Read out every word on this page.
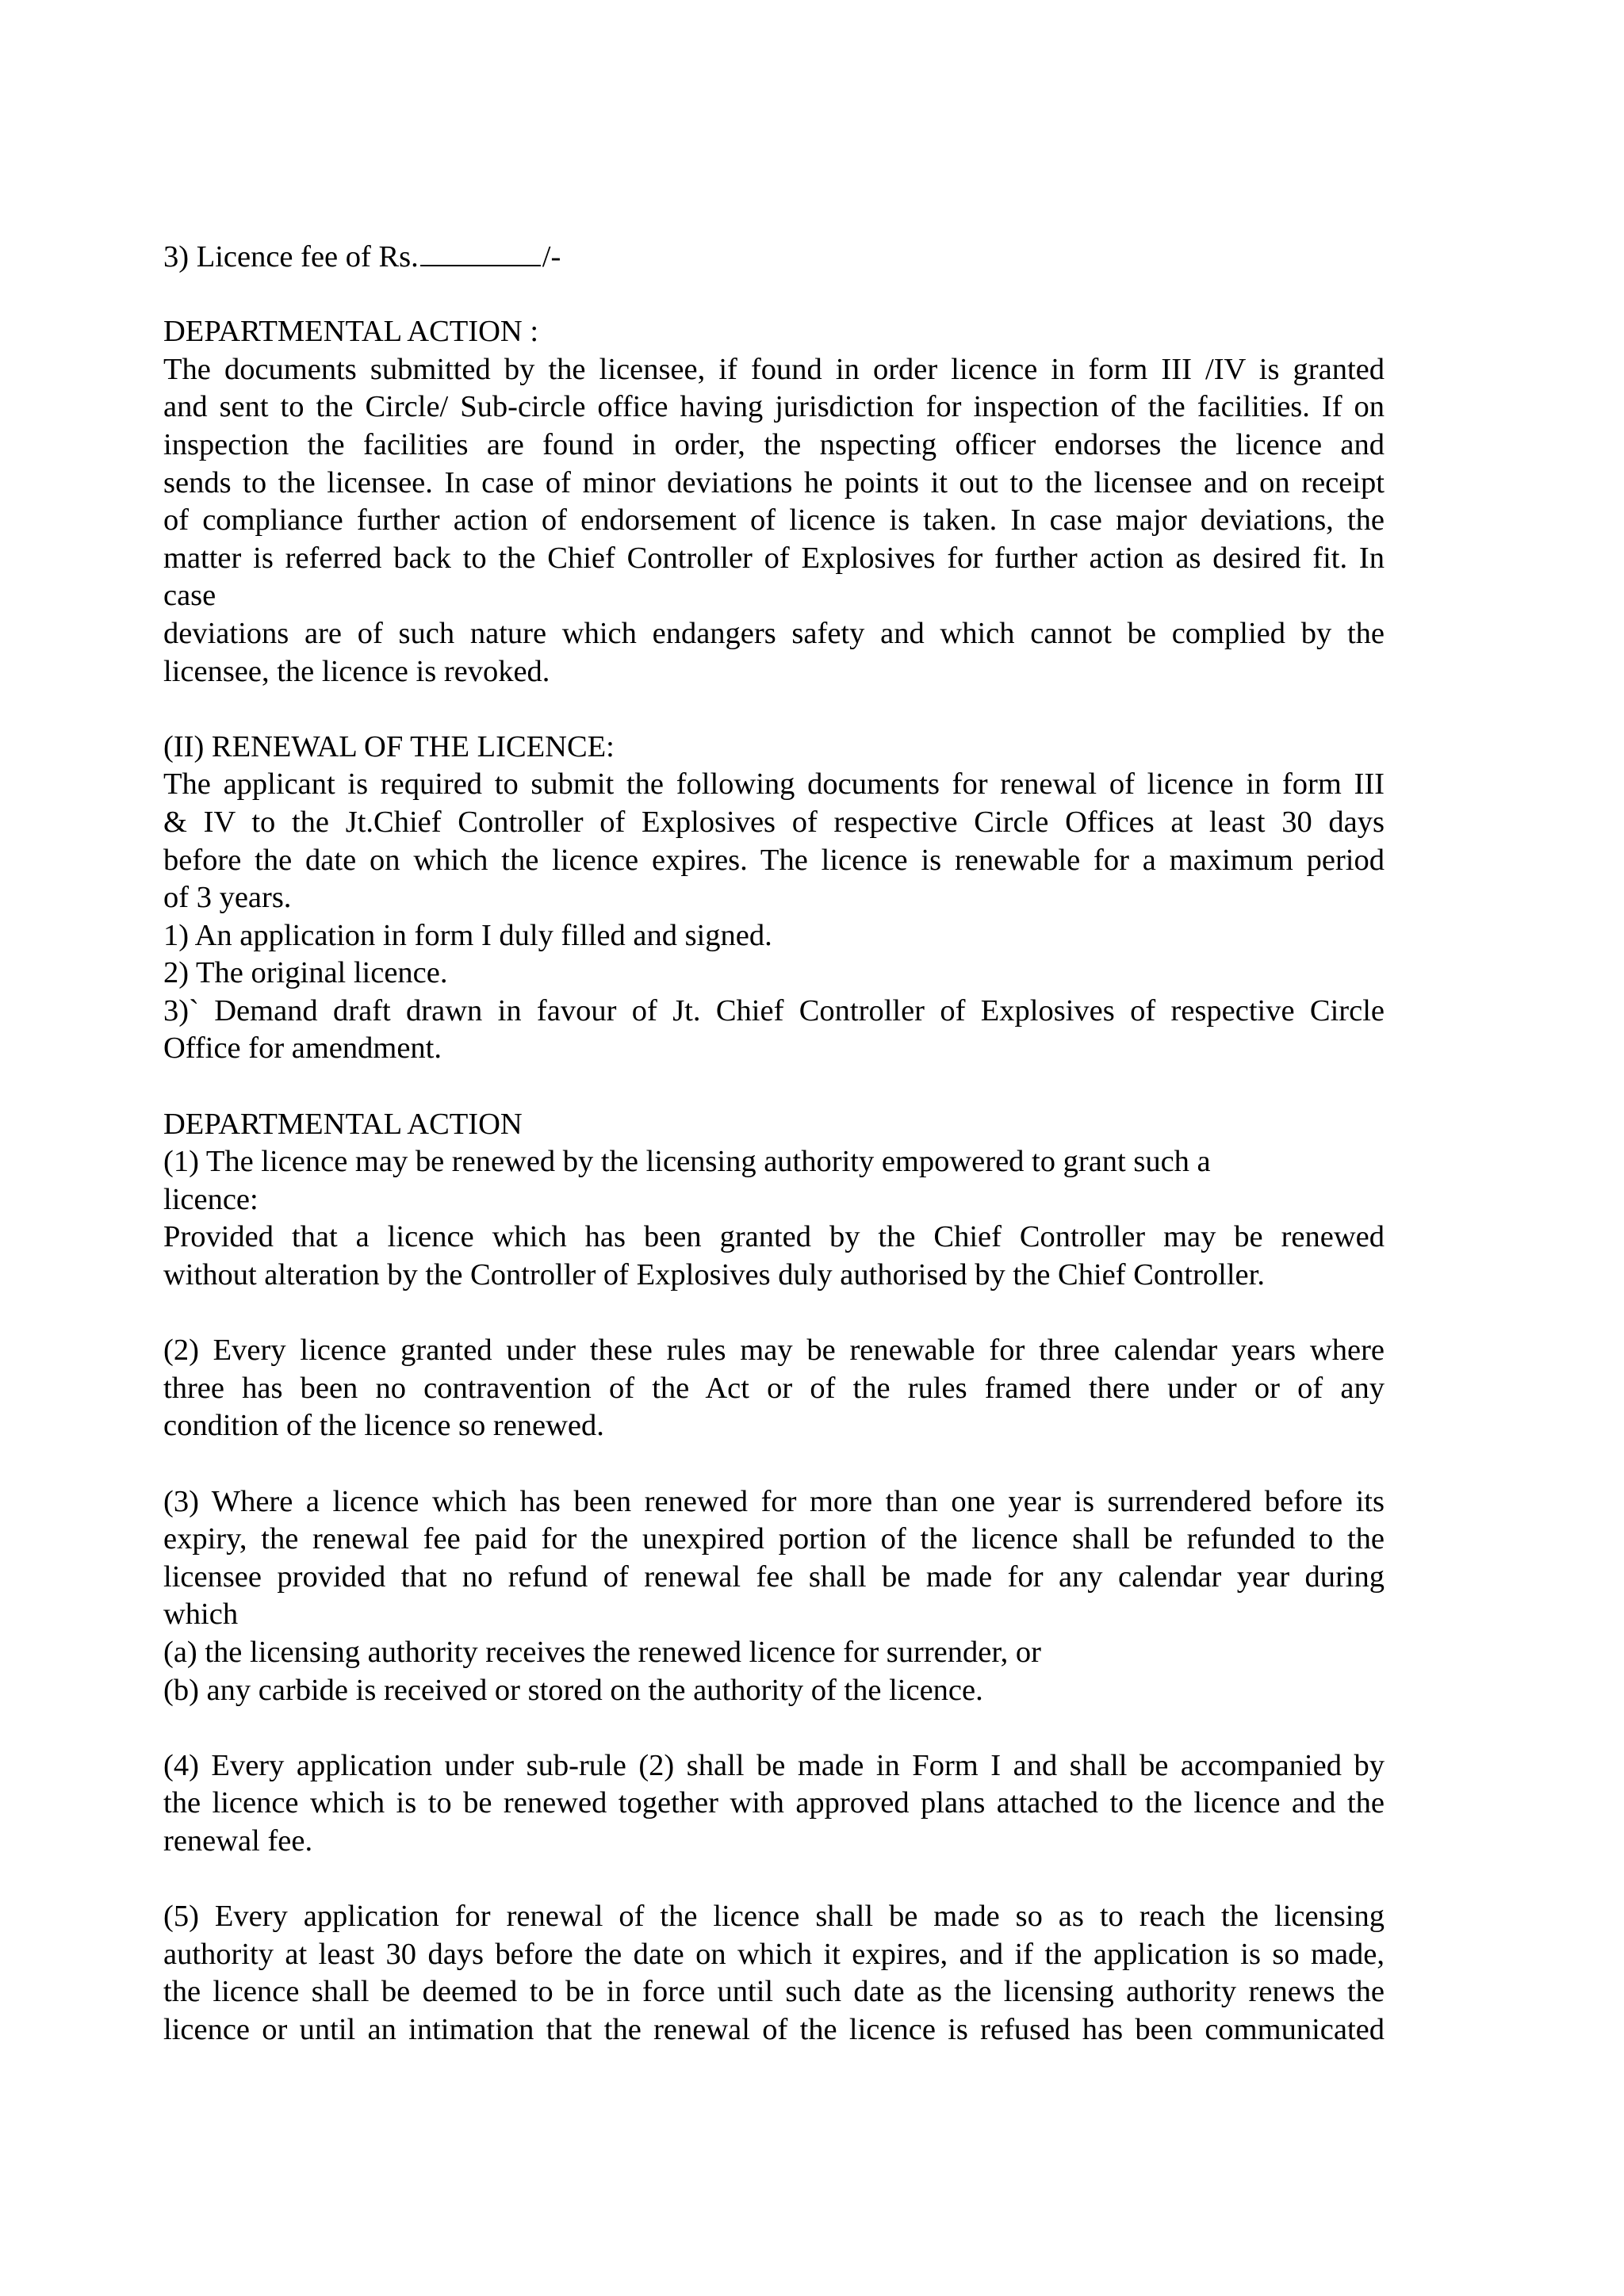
3) Licence fee of Rs.	/-
DEPARTMENTAL ACTION :
The documents submitted by the licensee, if found in order licence in form III /IV is granted
and sent to the Circle/ Sub-circle office having jurisdiction for inspection of the facilities. If on
inspection the facilities are found in order, the nspecting officer endorses the licence and
sends to the licensee. In case of minor deviations he points it out to the licensee and on receipt
of compliance further action of endorsement of licence is taken. In case major deviations, the
matter is referred back to the Chief Controller of Explosives for further action as desired fit. In
case
deviations are of such nature which endangers safety and which cannot be complied by the
licensee, the licence is revoked.
(II) RENEWAL OF THE LICENCE:
The applicant is required to submit the following documents for renewal of licence in form III
& IV to the Jt.Chief Controller of Explosives of respective Circle Offices at least 30 days
before the date on which the licence expires. The licence is renewable for a maximum period
of 3 years.
1) An application in form I duly filled and signed.
2) The original licence.
3)` Demand draft drawn in favour of Jt. Chief Controller of Explosives of respective Circle
Office for amendment.
DEPARTMENTAL ACTION
(1) The licence may be renewed by the licensing authority empowered to grant such a
licence:
Provided that a licence which has been granted by the Chief Controller may be renewed
without alteration by the Controller of Explosives duly authorised by the Chief Controller.
(2) Every licence granted under these rules may be renewable for three calendar years where
three has been no contravention of the Act or of the rules framed there under or of any
condition of the licence so renewed.
(3) Where a licence which has been renewed for more than one year is surrendered before its
expiry, the renewal fee paid for the unexpired portion of the licence shall be refunded to the
licensee provided that no refund of renewal fee shall be made for any calendar year during
which
(a) the licensing authority receives the renewed licence for surrender, or
(b) any carbide is received or stored on the authority of the licence.
(4) Every application under sub-rule (2) shall be made in Form I and shall be accompanied by
the licence which is to be renewed together with approved plans attached to the licence and the
renewal fee.
(5) Every application for renewal of the licence shall be made so as to reach the licensing
authority at least 30 days before the date on which it expires, and if the application is so made,
the licence shall be deemed to be in force until such date as the licensing authority renews the
licence or until an intimation that the renewal of the licence is refused has been communicated
